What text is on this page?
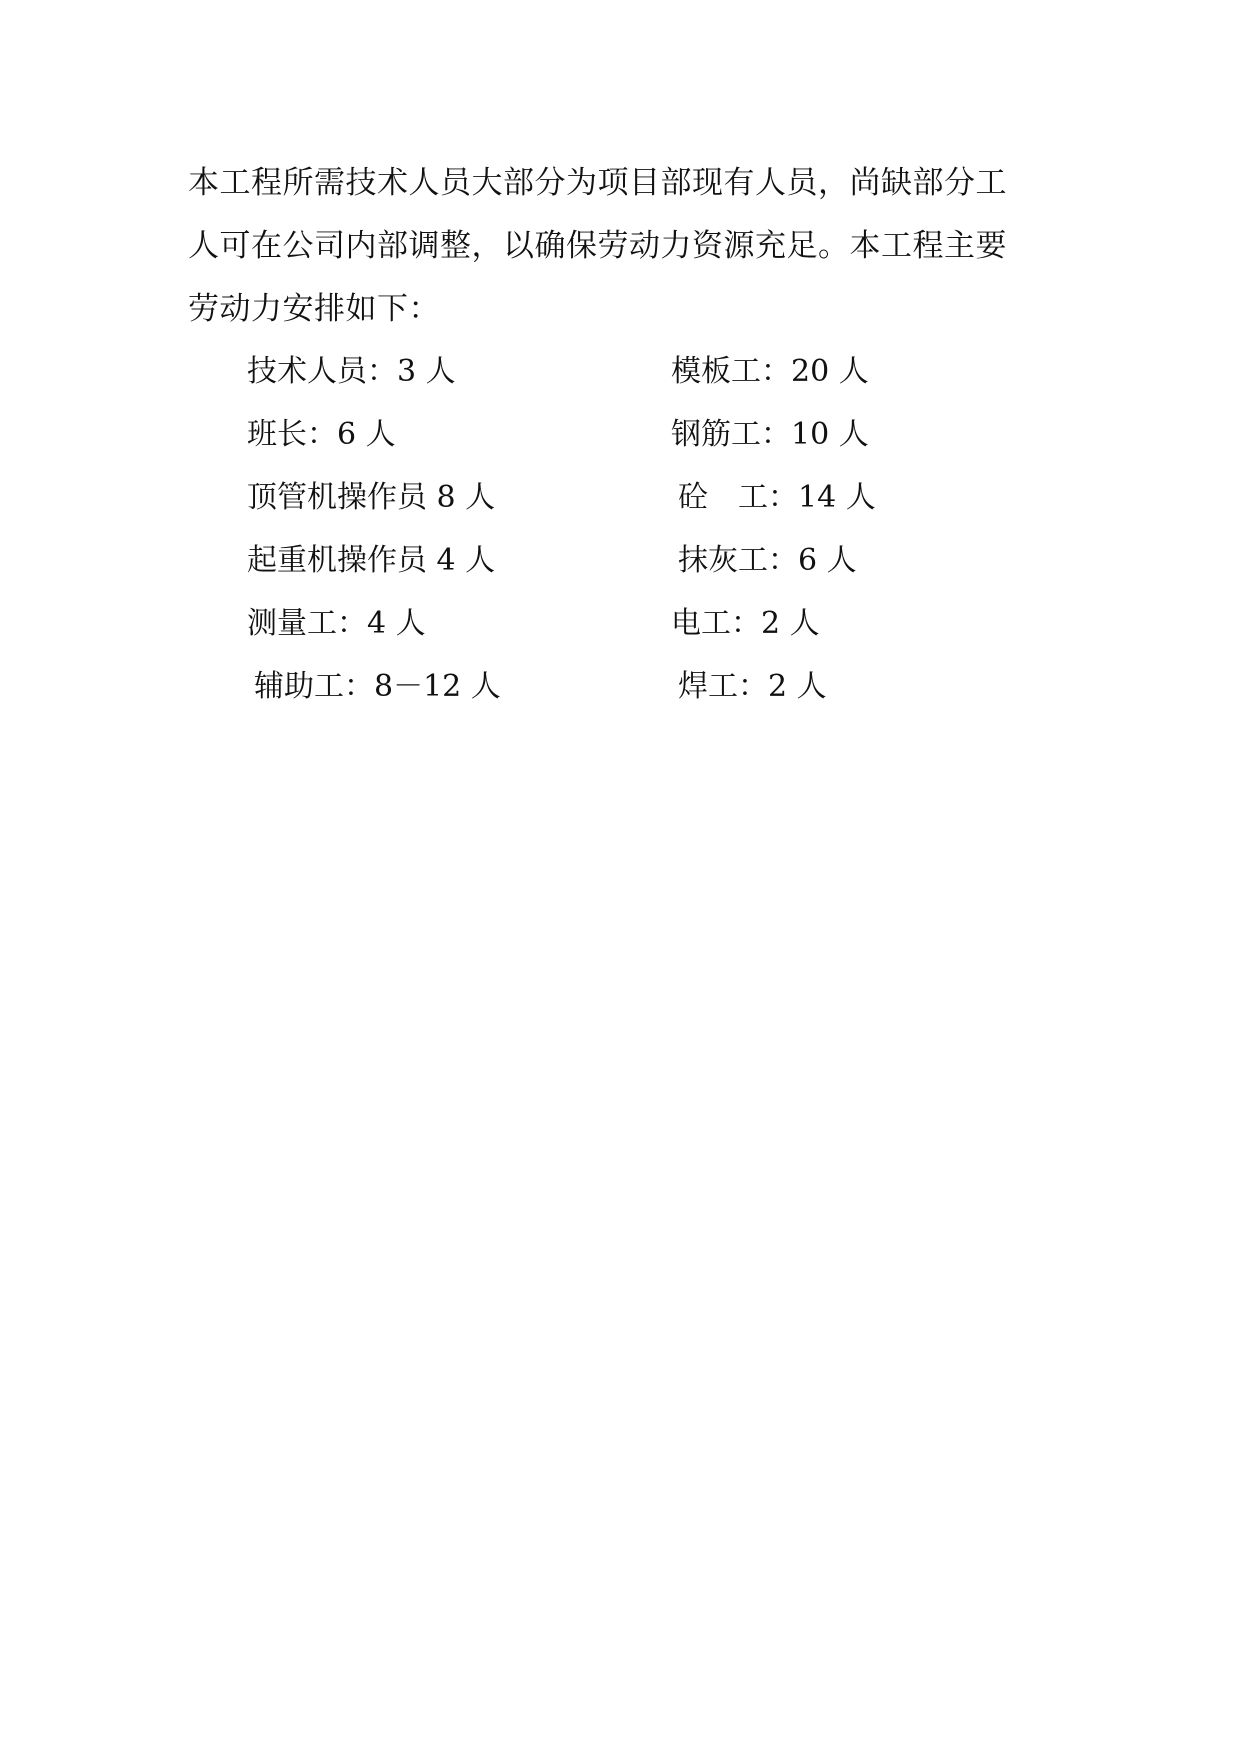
本工程所需技术人员大部分为项目部现有人员，尚缺部分工
人可在公司内部调整，以确保劳动力资源充足。本工程主要
劳动力安排如下：
技术人员：3 人
班长：6 人
顶管机操作员 8 人
起重机操作员 4 人
测量工：4 人
辅助工：8－12 人
模板工：20 人
钢筋工：10 人
砼　工：14 人
抹灰工：6 人
电工：2 人
焊工：2 人
